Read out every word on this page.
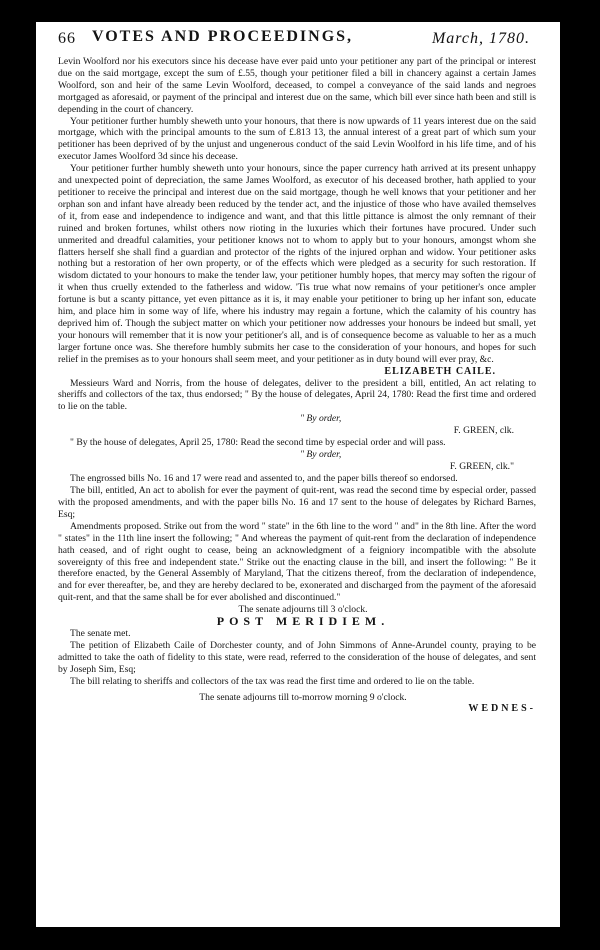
66 VOTES AND PROCEEDINGS,	March, 1780.

Levin Woolford nor his executors since his decease have ever paid unto your petitioner any part of the principal or interest due on the said mortgage, except the sum of £.55, though your petitioner filed a bill in chancery against a certain James Woolford, son and heir of the same Levin Woolford, deceased, to compel a conveyance of the said lands and negroes mortgaged as aforesaid, or payment of the principal and interest due on the same, which bill ever since hath been and still is depending in the court of chancery.

Your petitioner further humbly sheweth unto your honours, that there is now upwards of 11 years interest due on the said mortgage, which with the principal amounts to the sum of £.813 13, the annual interest of a great part of which sum your petitioner has been deprived of by the unjust and ungenerous conduct of the said Levin Woolford in his life time, and of his executor James Woolford 3d since his decease.

Your petitioner further humbly sheweth unto your honours, since the paper currency hath arrived at its present unhappy and unexpected point of depreciation, the same James Woolford, as executor of his deceased brother, hath applied to your petitioner to receive the principal and interest due on the said mortgage, though he well knows that your petitioner and her orphan son and infant have already been reduced by the tender act, and the injustice of those who have availed themselves of it, from ease and independence to indigence and want, and that this little pittance is almost the only remnant of their ruined and broken fortunes, whilst others now rioting in the luxuries which their fortunes have procured. Under such unmerited and dreadful calamities, your petitioner knows not to whom to apply but to your honours, amongst whom she flatters herself she shall find a guardian and protector of the rights of the injured orphan and widow. Your petitioner asks nothing but a restoration of her own property, or of the effects which were pledged as a security for such restoration. If wisdom dictated to your honours to make the tender law, your petitioner humbly hopes, that mercy may soften the rigour of it when thus cruelly extended to the fatherless and widow. 'Tis true what now remains of your petitioner's once ampler fortune is but a scanty pittance, yet even pittance as it is, it may enable your petitioner to bring up her infant son, educate him, and place him in some way of life, where his industry may regain a fortune, which the calamity of his country has deprived him of. Though the subject matter on which your petitioner now addresses your honours be indeed but small, yet your honours will remember that it is now your petitioner's all, and is of consequence become as valuable to her as a much larger fortune once was. She therefore humbly submits her case to the consideration of your honours, and hopes for such relief in the premises as to your honours shall seem meet, and your petitioner as in duty bound will ever pray, &c.

ELIZABETH CAILE.

Messieurs Ward and Norris, from the house of delegates, deliver to the president a bill, entitled, An act relating to sheriffs and collectors of the tax, thus endorsed; " By the house of delegates, April 24, 1780: Read the first time and ordered to lie on the table.

" By order,

F. GREEN, clk.

" By the house of delegates, April 25, 1780: Read the second time by especial order and will pass.

" By order,

F. GREEN, clk."

The engrossed bills No. 16 and 17 were read and assented to, and the paper bills thereof so endorsed.

The bill, entitled, An act to abolish for ever the payment of quit-rent, was read the second time by especial order, passed with the proposed amendments, and with the paper bills No. 16 and 17 sent to the house of delegates by Richard Barnes, Esq;

Amendments proposed. Strike out from the word " state" in the 6th line to the word " and" in the 8th line. After the word " states" in the 11th line insert the following; " And whereas the payment of quit-rent from the declaration of independence hath ceased, and of right ought to cease, being an acknowledgment of a feigniory incompatible with the absolute sovereignty of this free and independent state." Strike out the enacting clause in the bill, and insert the following: " Be it therefore enacted, by the General Assembly of Maryland, That the citizens thereof, from the declaration of independence, and for ever thereafter, be, and they are hereby declared to be, exonerated and discharged from the payment of the aforesaid quit-rent, and that the same shall be for ever abolished and discontinued."

The senate adjourns till 3 o'clock.

POST MERIDIEM.

The senate met.

The petition of Elizabeth Caile of Dorchester county, and of John Simmons of Anne-Arundel county, praying to be admitted to take the oath of fidelity to this state, were read, referred to the consideration of the house of delegates, and sent by Joseph Sim, Esq;

The bill relating to sheriffs and collectors of the tax was read the first time and ordered to lie on the table.

The senate adjourns till to-morrow morning 9 o'clock.

WEDNES-
